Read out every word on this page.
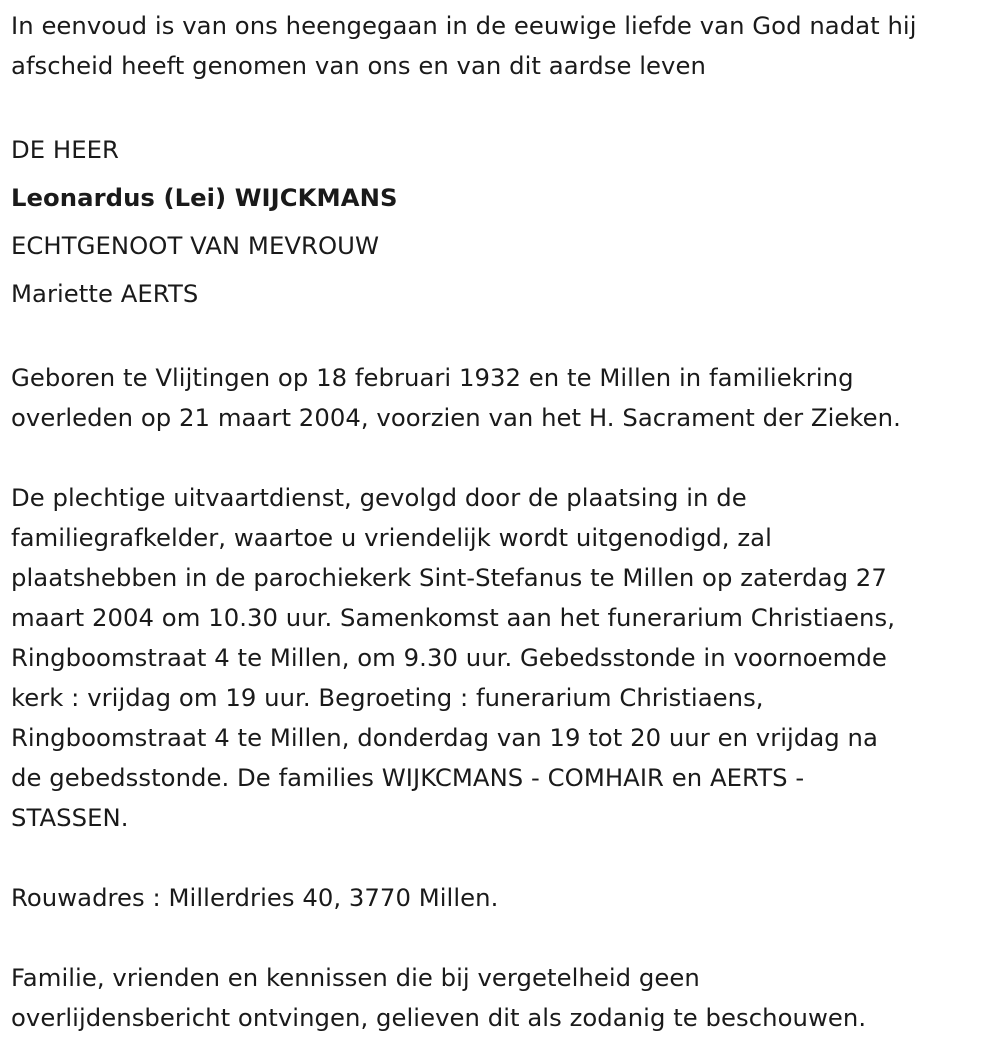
In eenvoud is van ons heengegaan in de eeuwige liefde van God nadat hij
afscheid heeft genomen van ons en van dit aardse leven
DE HEER
Leonardus (Lei) WIJCKMANS
ECHTGENOOT VAN MEVROUW
Mariette AERTS
Geboren te Vlijtingen op 18 februari 1932 en te Millen in familiekring
overleden op 21 maart 2004, voorzien van het H. Sacrament der Zieken.
De plechtige uitvaartdienst, gevolgd door de plaatsing in de
familiegrafkelder, waartoe u vriendelijk wordt uitgenodigd, zal
plaatshebben in de parochiekerk Sint-Stefanus te Millen op zaterdag 27
maart 2004 om 10.30 uur. Samenkomst aan het funerarium Christiaens,
Ringboomstraat 4 te Millen, om 9.30 uur. Gebedsstonde in voornoemde
kerk : vrijdag om 19 uur. Begroeting : funerarium Christiaens,
Ringboomstraat 4 te Millen, donderdag van 19 tot 20 uur en vrijdag na
de gebedsstonde. De families WIJKCMANS - COMHAIR en AERTS -
STASSEN.
Rouwadres : Millerdries 40, 3770 Millen.
Familie, vrienden en kennissen die bij vergetelheid geen
overlijdensbericht ontvingen, gelieven dit als zodanig te beschouwen.
